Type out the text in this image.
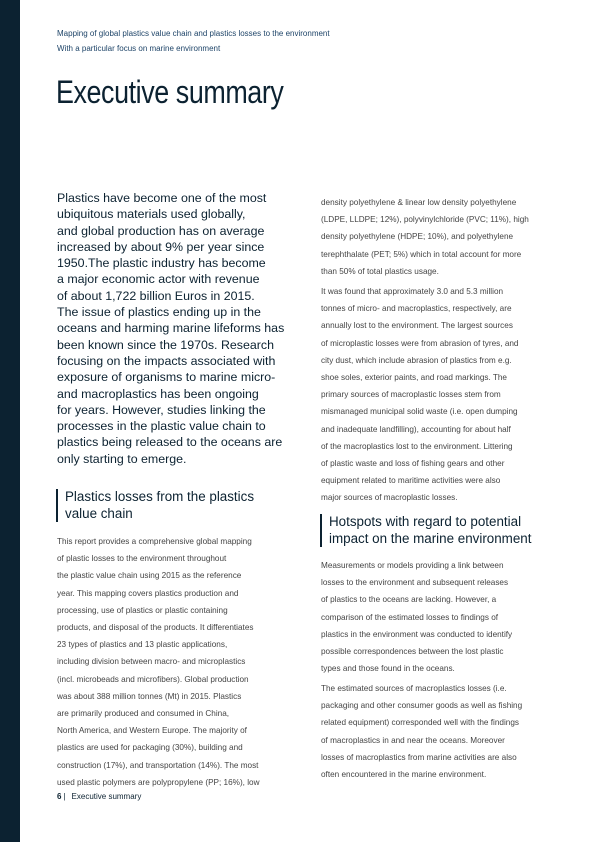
Mapping of global plastics value chain and plastics losses to the environment
With a particular focus on marine environment
Executive summary
Plastics have become one of the most
ubiquitous materials used globally,
and global production has on average
increased by about 9% per year since
1950.The plastic industry has become
a major economic actor with revenue
of about 1,722 billion Euros in 2015.
The issue of plastics ending up in the
oceans and harming marine lifeforms has
been known since the 1970s. Research
focusing on the impacts associated with
exposure of organisms to marine micro-
and macroplastics has been ongoing
for years. However, studies linking the
processes in the plastic value chain to
plastics being released to the oceans are
only starting to emerge.
Plastics losses from the plastics
value chain
This report provides a comprehensive global mapping
of plastic losses to the environment throughout
the plastic value chain using 2015 as the reference
year. This mapping covers plastics production and
processing, use of plastics or plastic containing
products, and disposal of the products. It differentiates
23 types of plastics and 13 plastic applications,
including division between macro- and microplastics
(incl. microbeads and microfibers). Global production
was about 388 million tonnes (Mt) in 2015. Plastics
are primarily produced and consumed in China,
North America, and Western Europe. The majority of
plastics are used for packaging (30%), building and
construction (17%), and transportation (14%). The most
used plastic polymers are polypropylene (PP; 16%), low
density polyethylene & linear low density polyethylene
(LDPE, LLDPE; 12%), polyvinylchloride (PVC; 11%), high
density polyethylene (HDPE; 10%), and polyethylene
terephthalate (PET; 5%) which in total account for more
than 50% of total plastics usage.
It was found that approximately 3.0 and 5.3 million
tonnes of micro- and macroplastics, respectively, are
annually lost to the environment. The largest sources
of microplastic losses were from abrasion of tyres, and
city dust, which include abrasion of plastics from e.g.
shoe soles, exterior paints, and road markings. The
primary sources of macroplastic losses stem from
mismanaged municipal solid waste (i.e. open dumping
and inadequate landfilling), accounting for about half
of the macroplastics lost to the environment. Littering
of plastic waste and loss of fishing gears and other
equipment related to maritime activities were also
major sources of macroplastic losses.
Hotspots with regard to potential
impact on the marine environment
Measurements or models providing a link between
losses to the environment and subsequent releases
of plastics to the oceans are lacking. However, a
comparison of the estimated losses to findings of
plastics in the environment was conducted to identify
possible correspondences between the lost plastic
types and those found in the oceans.
The estimated sources of macroplastics losses (i.e.
packaging and other consumer goods as well as fishing
related equipment) corresponded well with the findings
of macroplastics in and near the oceans. Moreover
losses of macroplastics from marine activities are also
often encountered in the marine environment.
6 | Executive summary
